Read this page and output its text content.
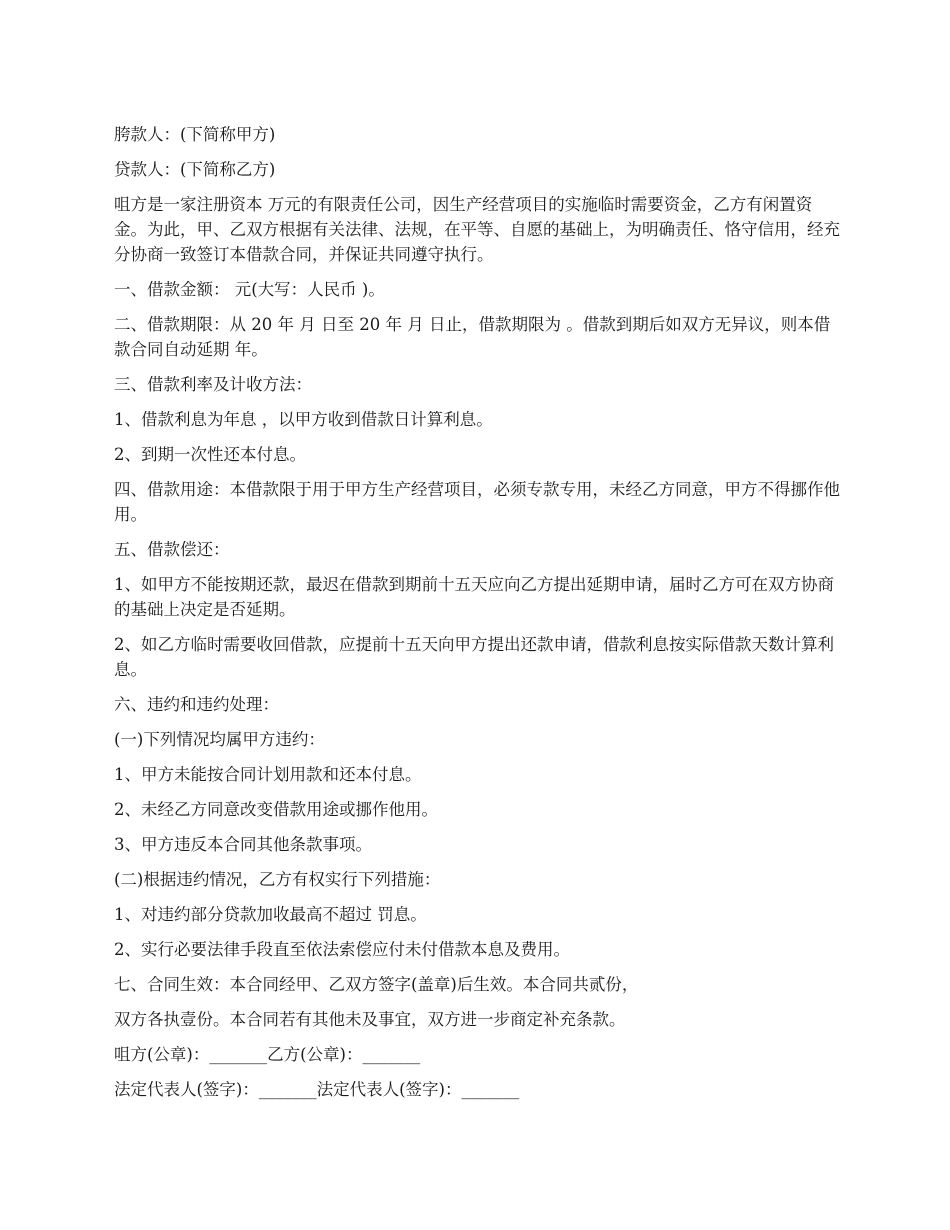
胯款人：(下简称甲方)

贷款人：(下简称乙方)

咀方是一家注册资本 万元的有限责任公司，因生产经营项目的实施临时需要资金，乙方有闲置资金。为此，甲、乙双方根据有关法律、法规，在平等、自愿的基础上，为明确责任、恪守信用，经充分协商一致签订本借款合同，并保证共同遵守执行。

一、借款金额： 元(大写：人民币 )。

二、借款期限：从 20 年 月 日至 20 年 月 日止，借款期限为 。借款到期后如双方无异议，则本借款合同自动延期 年。

三、借款利率及计收方法：

1、借款利息为年息 ，以甲方收到借款日计算利息。

2、到期一次性还本付息。

四、借款用途：本借款限于用于甲方生产经营项目，必须专款专用，未经乙方同意，甲方不得挪作他用。

五、借款偿还：

1、如甲方不能按期还款，最迟在借款到期前十五天应向乙方提出延期申请，届时乙方可在双方协商的基础上决定是否延期。

2、如乙方临时需要收回借款，应提前十五天向甲方提出还款申请，借款利息按实际借款天数计算利息。

六、违约和违约处理：

(一)下列情况均属甲方违约：

1、甲方未能按合同计划用款和还本付息。

2、未经乙方同意改变借款用途或挪作他用。

3、甲方违反本合同其他条款事项。

(二)根据违约情况，乙方有权实行下列措施：

1、对违约部分贷款加收最高不超过 罚息。

2、实行必要法律手段直至依法索偿应付未付借款本息及费用。

七、合同生效：本合同经甲、乙双方签字(盖章)后生效。本合同共贰份，

双方各执壹份。本合同若有其他未及事宜，双方进一步商定补充条款。

咀方(公章)：_______乙方(公章)：_______

法定代表人(签字)：_______法定代表人(签字)：_______
